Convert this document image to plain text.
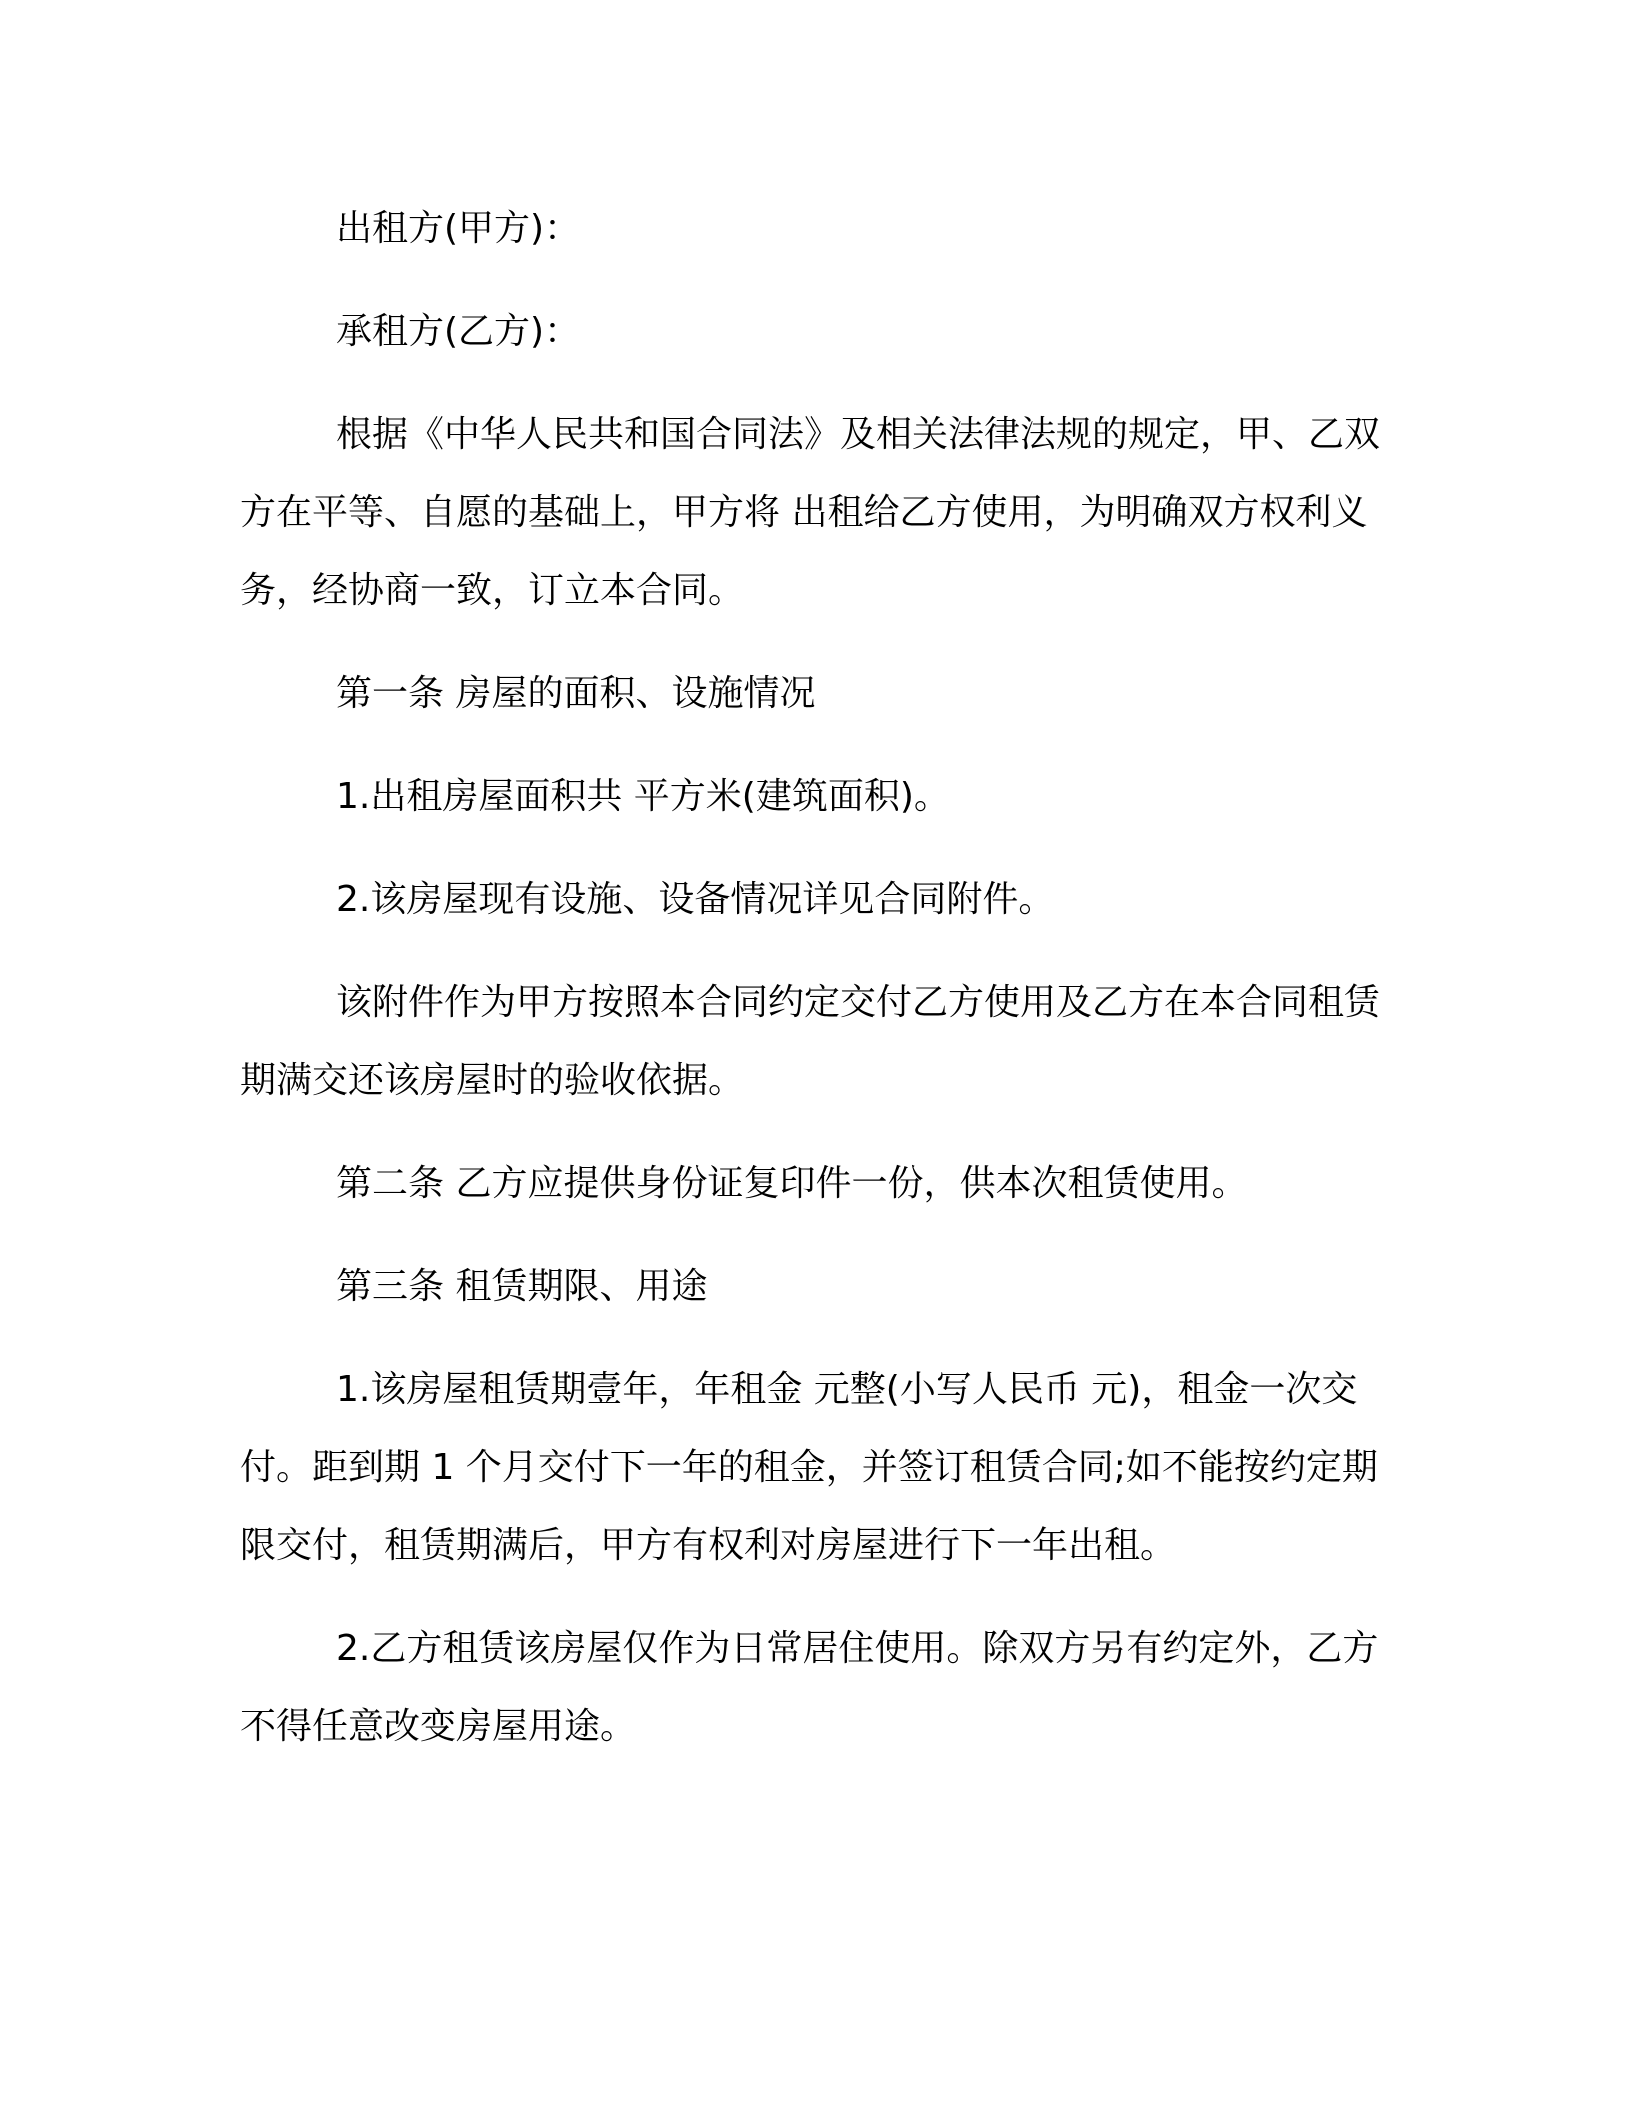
出租方(甲方)：

承租方(乙方)：

根据《中华人民共和国合同法》及相关法律法规的规定，甲、乙双方在平等、自愿的基础上，甲方将 出租给乙方使用，为明确双方权利义务，经协商一致，订立本合同。

第一条 房屋的面积、设施情况

1.出租房屋面积共 平方米(建筑面积)。

2.该房屋现有设施、设备情况详见合同附件。

该附件作为甲方按照本合同约定交付乙方使用及乙方在本合同租赁期满交还该房屋时的验收依据。

第二条 乙方应提供身份证复印件一份，供本次租赁使用。

第三条 租赁期限、用途

1.该房屋租赁期壹年，年租金 元整(小写人民币 元)，租金一次交付。距到期 1 个月交付下一年的租金，并签订租赁合同;如不能按约定期限交付，租赁期满后，甲方有权利对房屋进行下一年出租。

2.乙方租赁该房屋仅作为日常居住使用。除双方另有约定外，乙方不得任意改变房屋用途。
